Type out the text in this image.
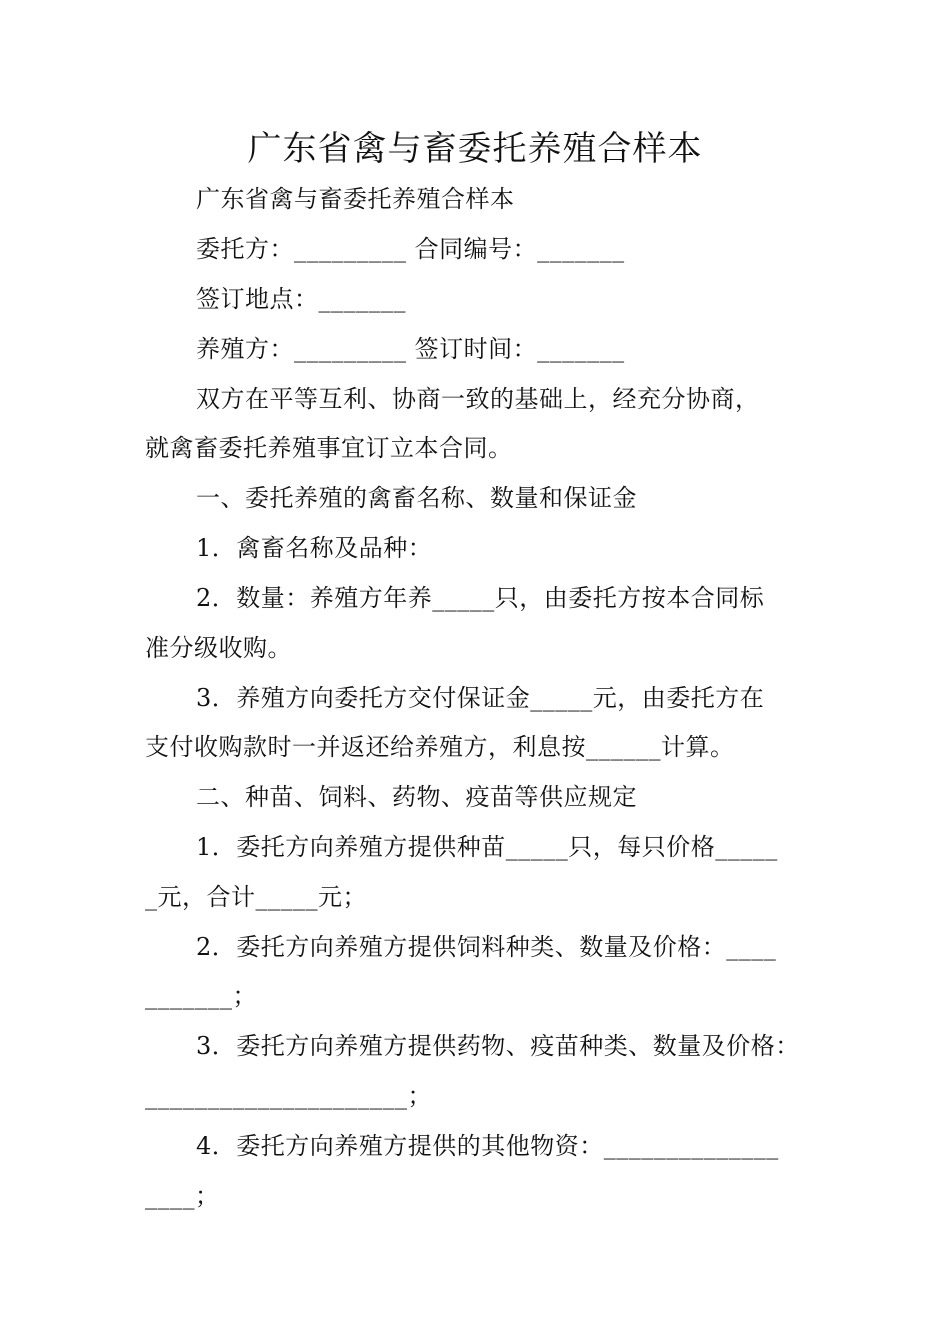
广东省禽与畜委托养殖合样本
广东省禽与畜委托养殖合样本
委托方：_________ 合同编号：_______
签订地点：_______
养殖方：_________ 签订时间：_______
双方在平等互利、协商一致的基础上，经充分协商，
就禽畜委托养殖事宜订立本合同。
一、委托养殖的禽畜名称、数量和保证金
1．禽畜名称及品种：
2．数量：养殖方年养_____只，由委托方按本合同标
准分级收购。
3．养殖方向委托方交付保证金_____元，由委托方在
支付收购款时一并返还给养殖方，利息按______计算。
二、种苗、饲料、药物、疫苗等供应规定
1．委托方向养殖方提供种苗_____只，每只价格_____
_元，合计_____元；
2．委托方向养殖方提供饲料种类、数量及价格：____
_______；
3．委托方向养殖方提供药物、疫苗种类、数量及价格：
_____________________；
4．委托方向养殖方提供的其他物资：______________
____；
